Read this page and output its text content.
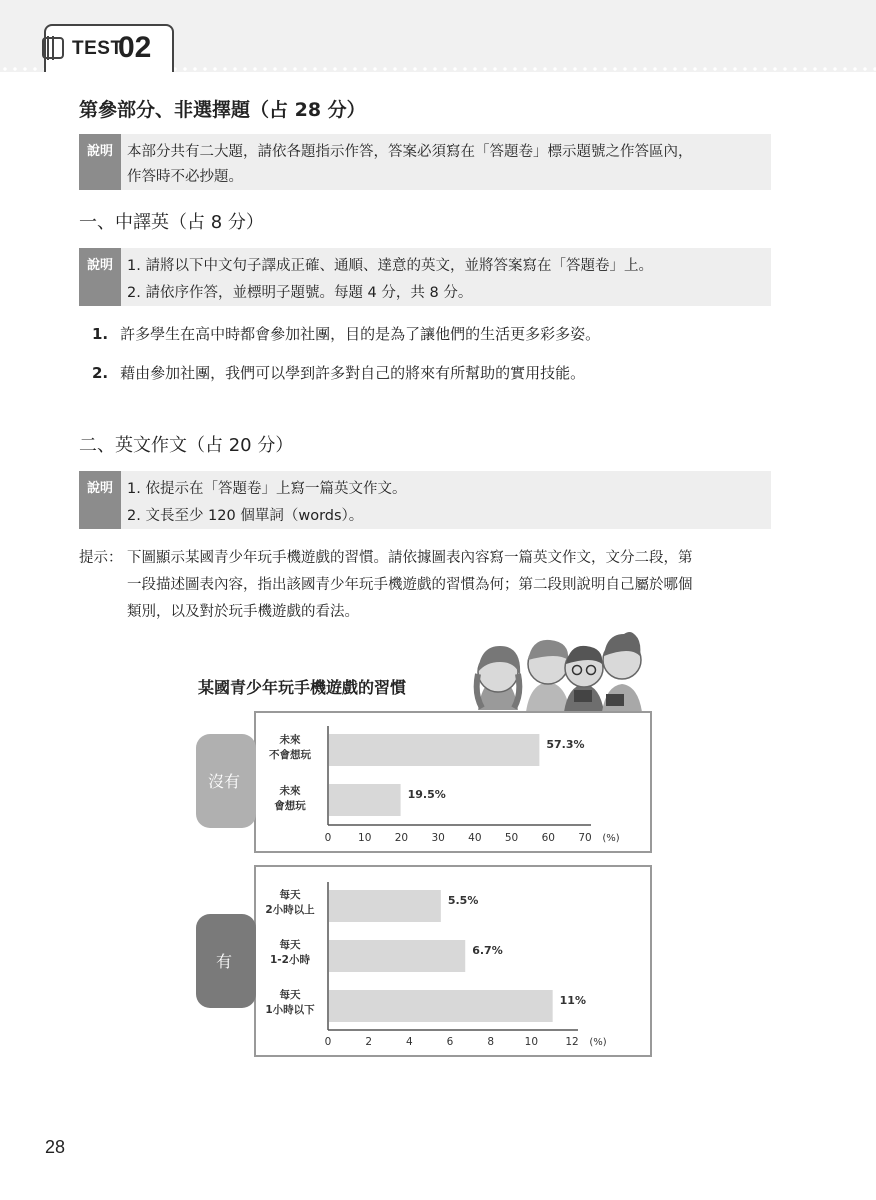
TEST
02
第參部分、非選擇題（占 28 分）
說明 本部分共有二大題，請依各題指示作答，答案必須寫在「答題卷」標示題號之作答區內，
作答時不必抄題。
一、中譯英（占 8 分）
說明 1. 請將以下中文句子譯成正確、通順、達意的英文，並將答案寫在「答題卷」上。
2. 請依序作答，並標明子題號。每題 4 分，共 8 分。
1. 許多學生在高中時都會參加社團，目的是為了讓他們的生活更多彩多姿。
2. 藉由參加社團，我們可以學到許多對自己的將來有所幫助的實用技能。
二、英文作文（占 20 分）
說明 1. 依提示在「答題卷」上寫一篇英文作文。
2. 文長至少 120 個單詞（words）。
提示： 下圖顯示某國青少年玩手機遊戲的習慣。請依據圖表內容寫一篇英文作文，文分二段，第
一段描述圖表內容，指出該國青少年玩手機遊戲的習慣為何；第二段則說明自己屬於哪個
類別，以及對於玩手機遊戲的看法。
某國青少年玩手機遊戲的習慣
沒有
有
57.3%
未來
不會想玩
19.5%
未來
會想玩
0	10 20 30 40 50 60 70 (%)
5.5%
每天
2小時以上
6.7%
每天
1-2小時
11%
每天
1小時以下
0	2	4	6	8	10	12 (%)
28
